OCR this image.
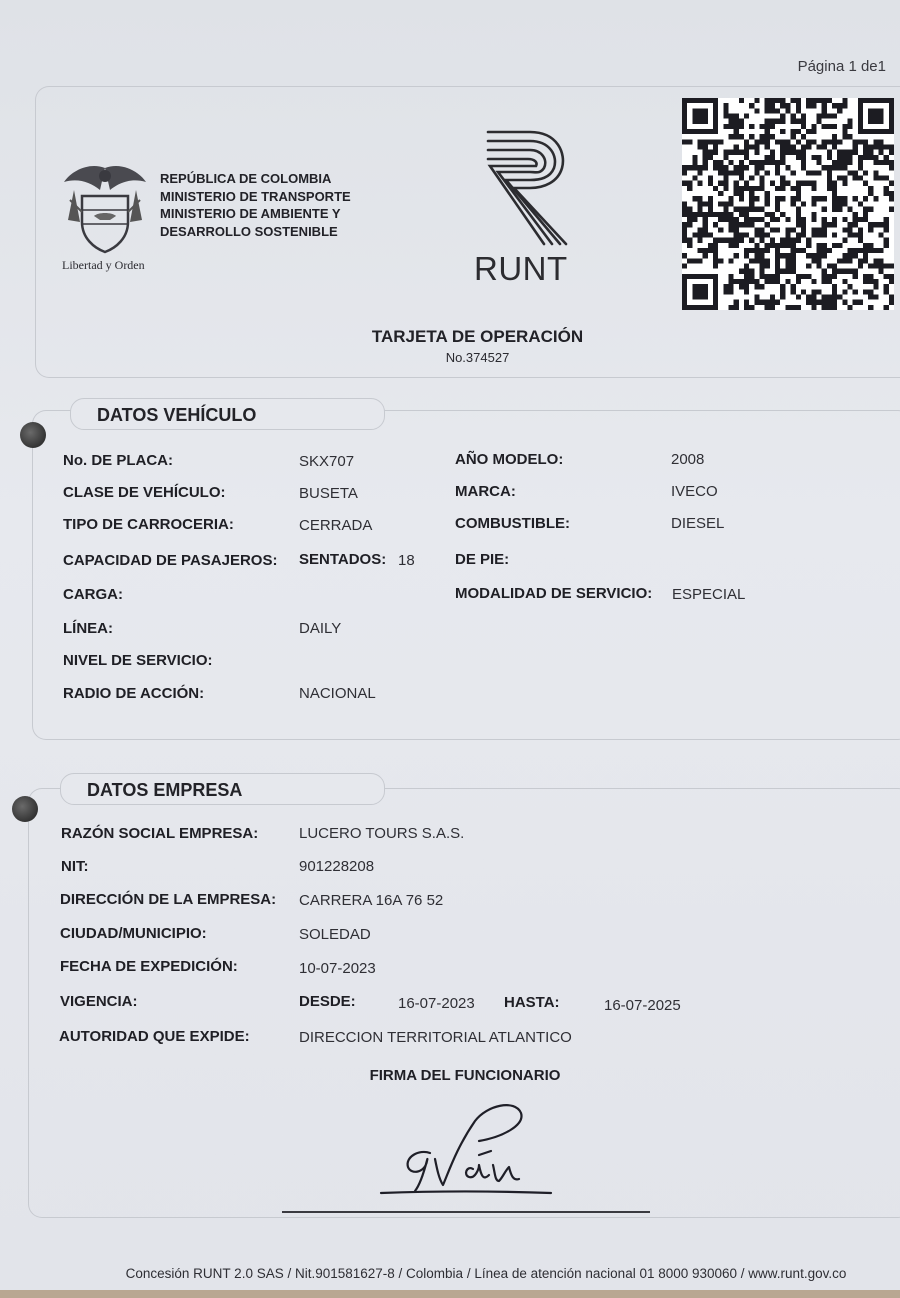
Página 1 de1
Libertad y Orden
REPÚBLICA DE COLOMBIA
MINISTERIO DE TRANSPORTE
MINISTERIO DE AMBIENTE Y
DESARROLLO SOSTENIBLE
RUNT
TARJETA DE OPERACIÓN
No.374527
DATOS VEHÍCULO
No. DE PLACA:	SKX707	AÑO MODELO:	2008
CLASE DE VEHÍCULO:	BUSETA	MARCA:	IVECO
TIPO DE CARROCERIA:	CERRADA	COMBUSTIBLE:	DIESEL
CAPACIDAD DE PASAJEROS: SENTADOS: 18	DE PIE:
CARGA:	MODALIDAD DE SERVICIO: ESPECIAL
LÍNEA:	DAILY
NIVEL DE SERVICIO:
RADIO DE ACCIÓN:	NACIONAL
DATOS EMPRESA
RAZÓN SOCIAL EMPRESA:	LUCERO TOURS S.A.S.
NIT:	901228208
DIRECCIÓN DE LA EMPRESA: CARRERA 16A 76 52
CIUDAD/MUNICIPIO:	SOLEDAD
FECHA DE EXPEDICIÓN:	10-07-2023
VIGENCIA:	DESDE:	16-07-2023 HASTA:	16-07-2025
AUTORIDAD QUE EXPIDE:	DIRECCION TERRITORIAL ATLANTICO
FIRMA DEL FUNCIONARIO
Concesión RUNT 2.0 SAS / Nit.901581627-8 / Colombia / Línea de atención nacional 01 8000 930060 / www.runt.gov.co
